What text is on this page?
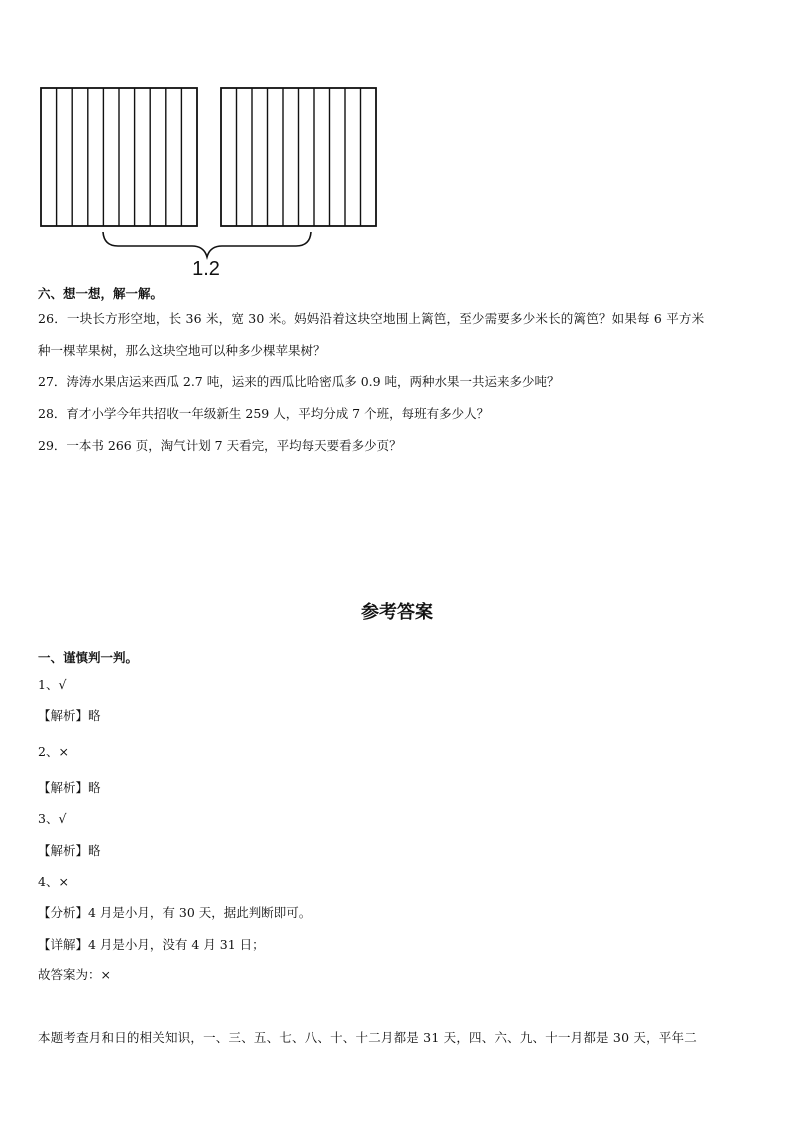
1.2
六、想一想，解一解。
26．一块长方形空地，长 36 米，宽 30 米。妈妈沿着这块空地围上篱笆，至少需要多少米长的篱笆？如果每 6 平方米
种一棵苹果树，那么这块空地可以种多少棵苹果树？
27．涛涛水果店运来西瓜 2.7 吨，运来的西瓜比哈密瓜多 0.9 吨，两种水果一共运来多少吨？
28．育才小学今年共招收一年级新生 259 人，平均分成 7 个班，每班有多少人？
29．一本书 266 页，淘气计划 7 天看完，平均每天要看多少页？
参考答案
一、谨慎判一判。
1、√
【解析】略
2、×
【解析】略
3、√
【解析】略
4、×
【分析】4 月是小月，有 30 天，据此判断即可。
【详解】4 月是小月，没有 4 月 31 日；
故答案为：×
本题考查月和日的相关知识，一、三、五、七、八、十、十二月都是 31 天，四、六、九、十一月都是 30 天，平年二
